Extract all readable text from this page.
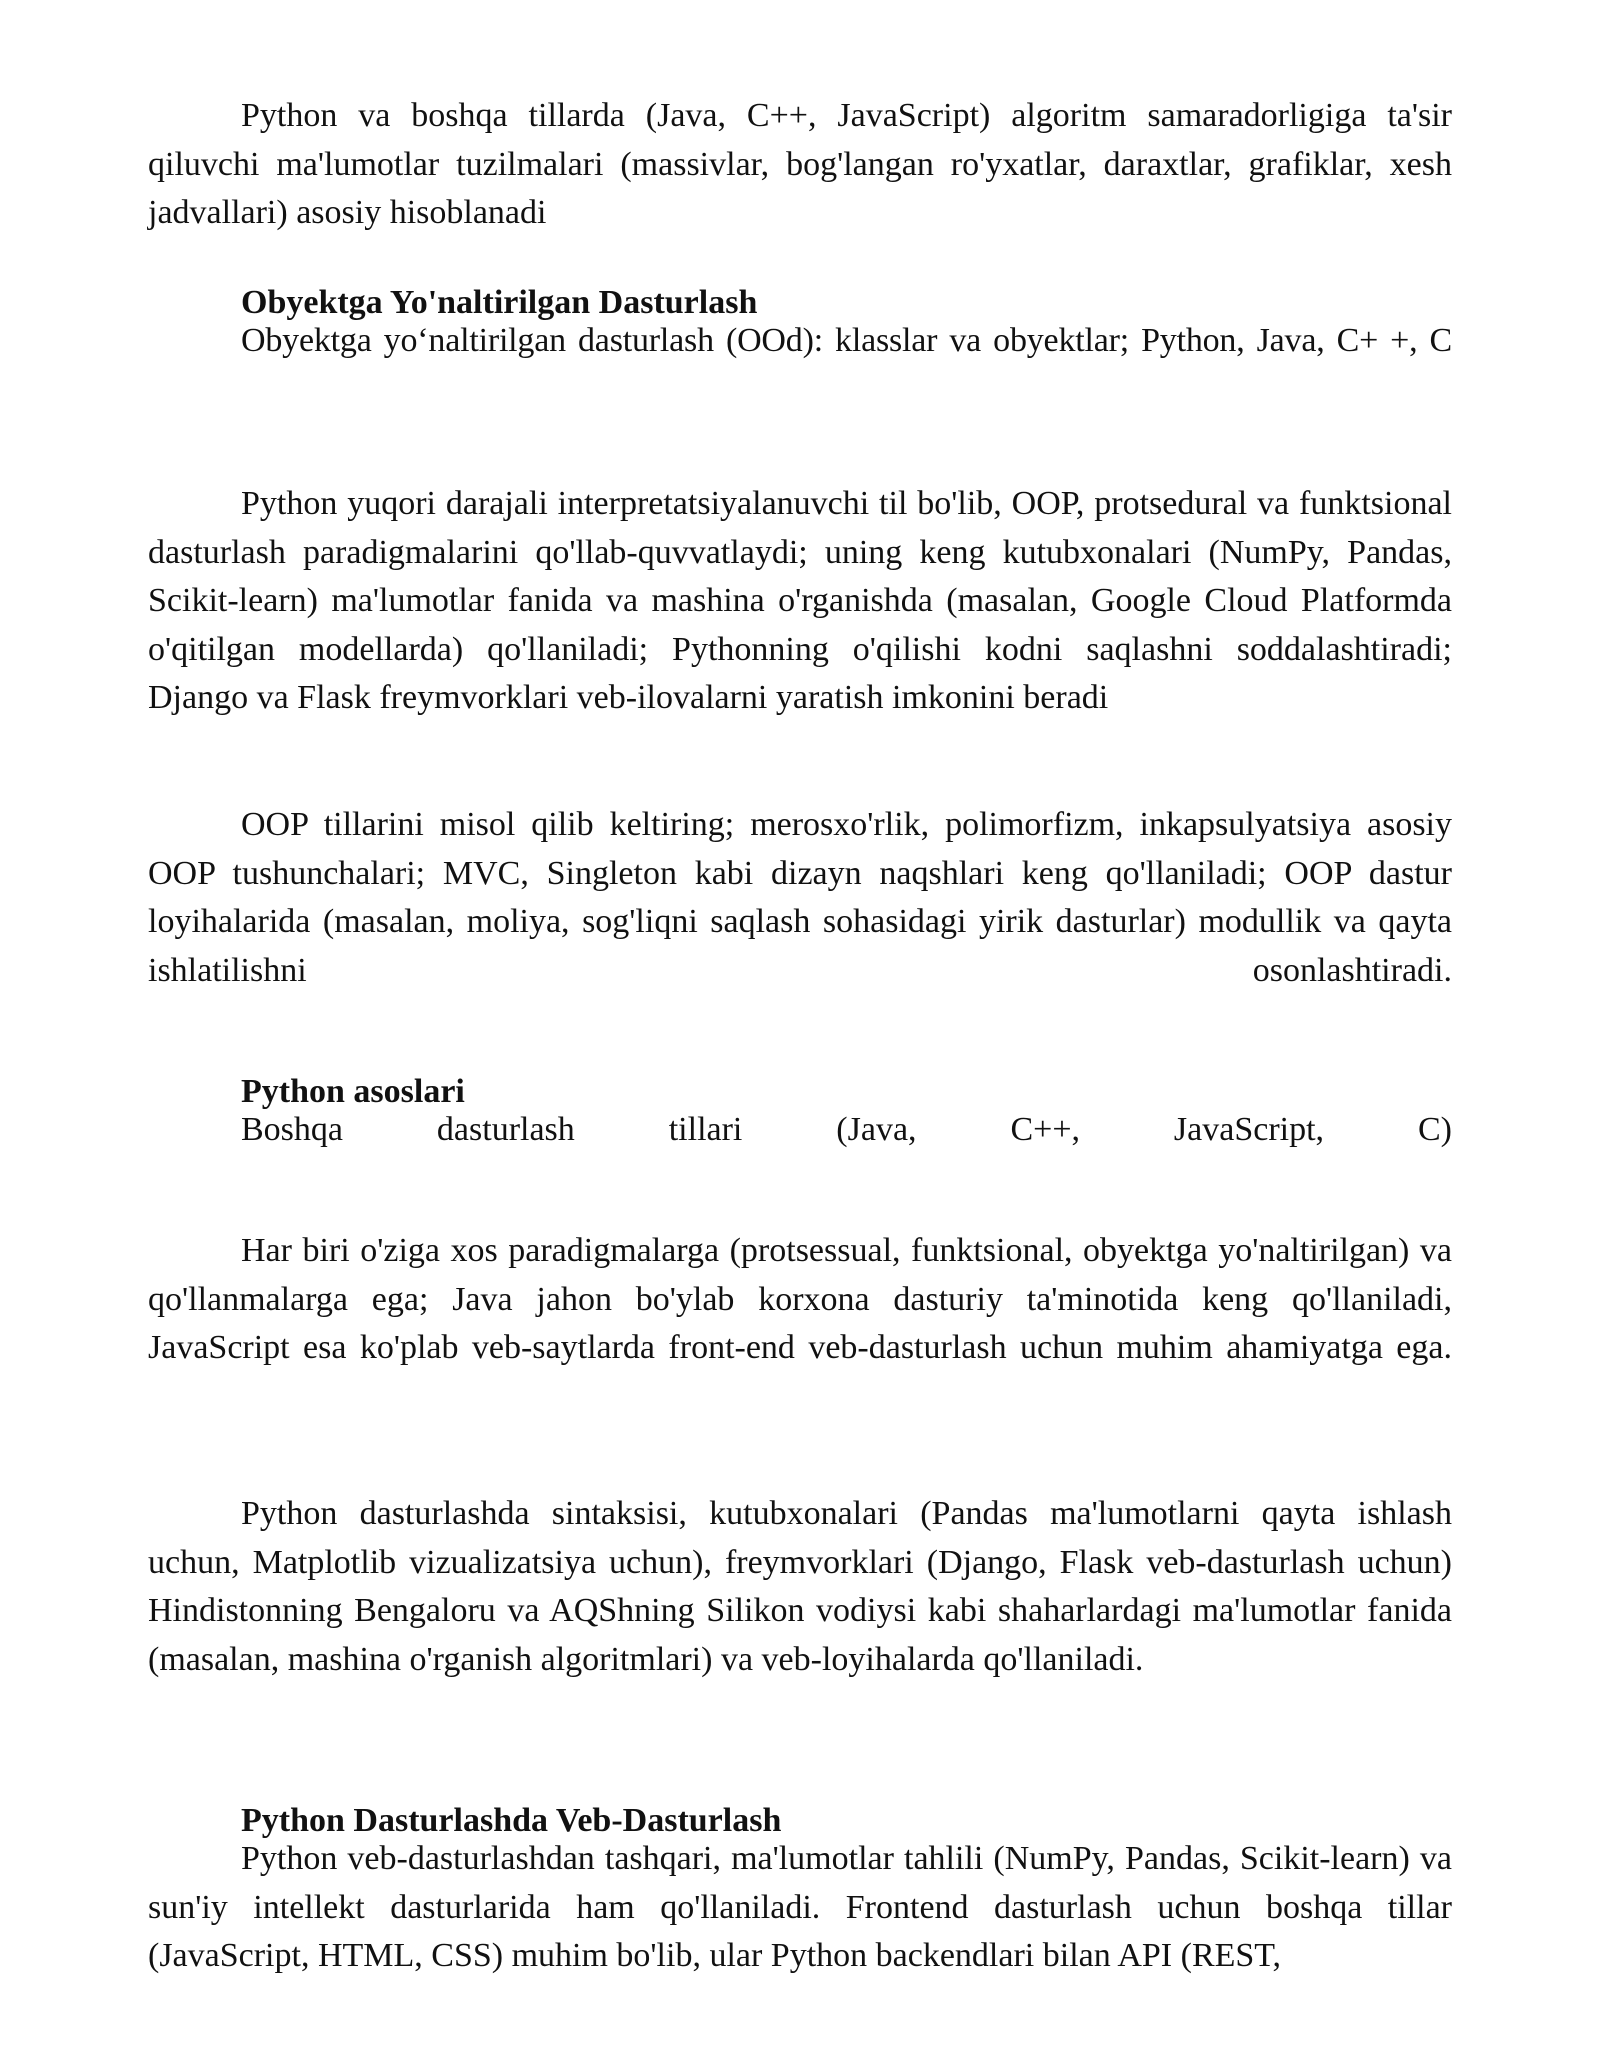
Python va boshqa tillarda (Java, C++, JavaScript) algoritm samaradorligiga ta'sir qiluvchi ma'lumotlar tuzilmalari (massivlar, bog'langan ro'yxatlar, daraxtlar, grafiklar, xesh jadvallari) asosiy hisoblanadi

Obyektga Yo'naltirilgan Dasturlash

Obyektga yo‘naltirilgan dasturlash (OOd): klasslar va obyektlar; Python, Java, C+ +, C

Python yuqori darajali interpretatsiyalanuvchi til bo'lib, OOP, protsedural va funktsional dasturlash paradigmalarini qo'llab-quvvatlaydi; uning keng kutubxonalari (NumPy, Pandas, Scikit-learn) ma'lumotlar fanida va mashina o'rganishda (masalan, Google Cloud Platformda o'qitilgan modellarda) qo'llaniladi; Pythonning o'qilishi kodni saqlashni soddalashtiradi; Django va Flask freymvorklari veb-ilovalarni yaratish imkonini beradi

OOP tillarini misol qilib keltiring; merosxo'rlik, polimorfizm, inkapsulyatsiya asosiy OOP tushunchalari; MVC, Singleton kabi dizayn naqshlari keng qo'llaniladi; OOP dastur loyihalarida (masalan, moliya, sog'liqni saqlash sohasidagi yirik dasturlar) modullik va qayta ishlatilishni osonlashtiradi.

Python asoslari

Boshqa dasturlash tillari (Java, C++, JavaScript, C)

Har biri o'ziga xos paradigmalarga (protsessual, funktsional, obyektga yo'naltirilgan) va qo'llanmalarga ega; Java jahon bo'ylab korxona dasturiy ta'minotida keng qo'llaniladi, JavaScript esa ko'plab veb-saytlarda front-end veb-dasturlash uchun muhim ahamiyatga ega.

Python dasturlashda sintaksisi, kutubxonalari (Pandas ma'lumotlarni qayta ishlash uchun, Matplotlib vizualizatsiya uchun), freymvorklari (Django, Flask veb-dasturlash uchun) Hindistonning Bengaloru va AQShning Silikon vodiysi kabi shaharlardagi ma'lumotlar fanida (masalan, mashina o'rganish algoritmlari) va veb-loyihalarda qo'llaniladi.

Python Dasturlashda Veb-Dasturlash

Python veb-dasturlashdan tashqari, ma'lumotlar tahlili (NumPy, Pandas, Scikit-learn) va sun'iy intellekt dasturlarida ham qo'llaniladi. Frontend dasturlash uchun boshqa tillar (JavaScript, HTML, CSS) muhim bo'lib, ular Python backendlari bilan API (REST,
